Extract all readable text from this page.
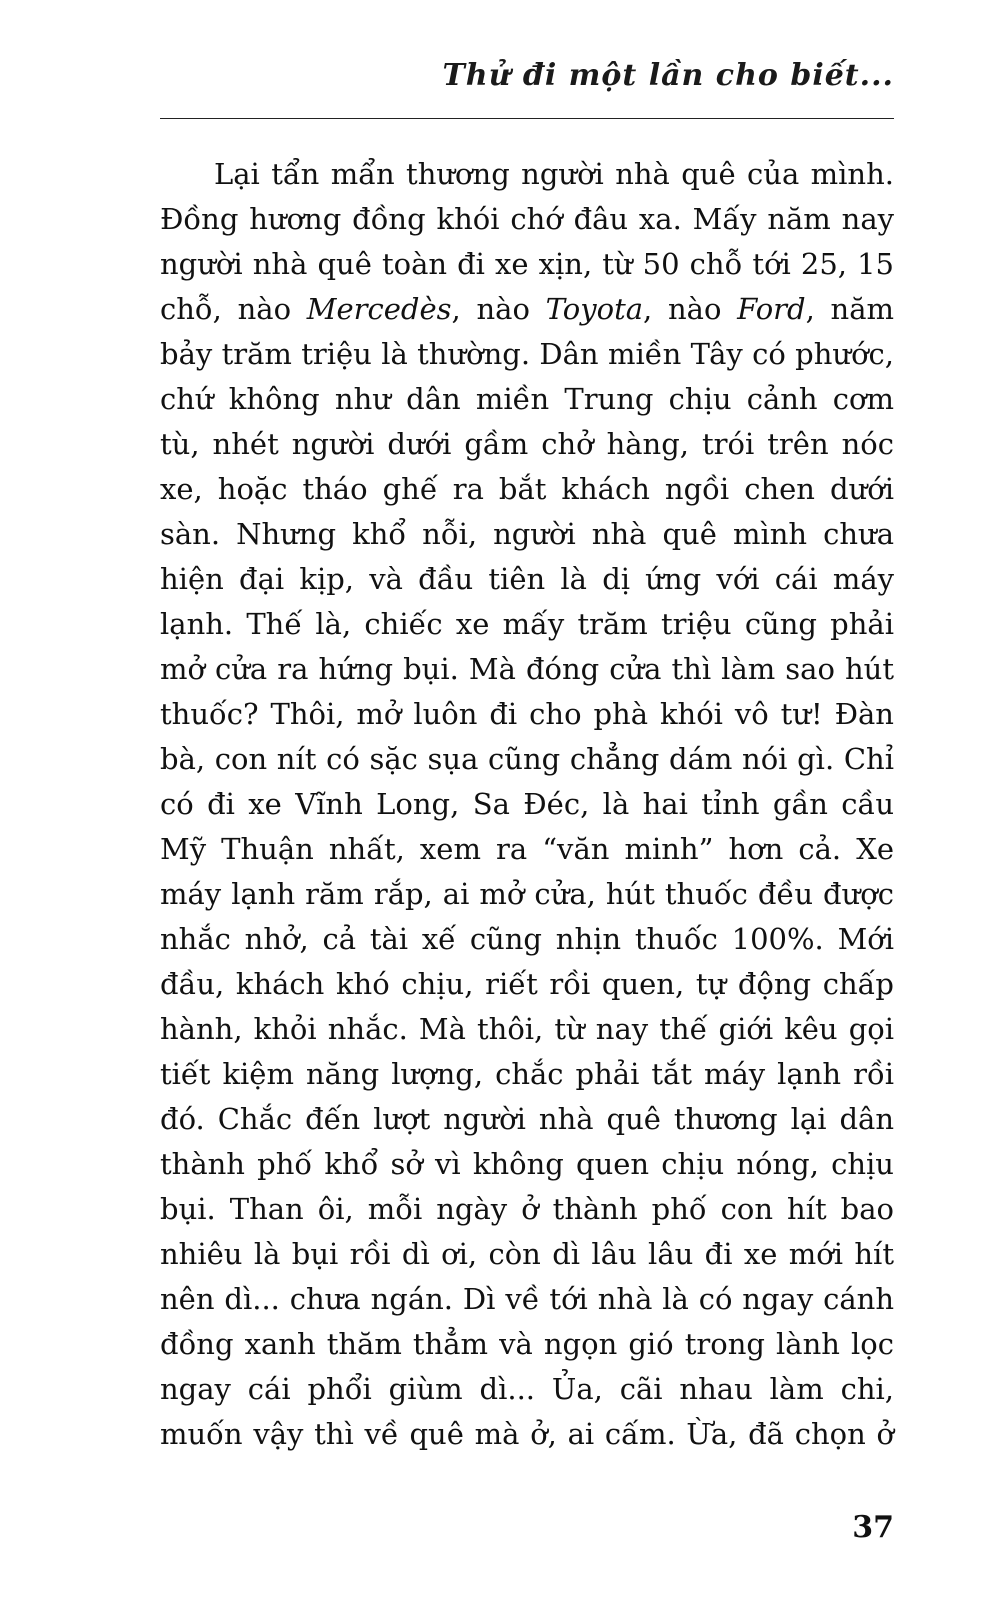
Thử đi một lần cho biết...
Lại tẩn mẩn thương người nhà quê của mình.
Đồng hương đồng khói chớ đâu xa. Mấy năm nay
người nhà quê toàn đi xe xịn, từ 50 chỗ tới 25, 15
chỗ, nào Mercedès, nào Toyota, nào Ford, năm
bảy trăm triệu là thường. Dân miền Tây có phước,
chứ không như dân miền Trung chịu cảnh cơm
tù, nhét người dưới gầm chở hàng, trói trên nóc
xe, hoặc tháo ghế ra bắt khách ngồi chen dưới
sàn. Nhưng khổ nỗi, người nhà quê mình chưa
hiện đại kịp, và đầu tiên là dị ứng với cái máy
lạnh. Thế là, chiếc xe mấy trăm triệu cũng phải
mở cửa ra hứng bụi. Mà đóng cửa thì làm sao hút
thuốc? Thôi, mở luôn đi cho phà khói vô tư! Đàn
bà, con nít có sặc sụa cũng chẳng dám nói gì. Chỉ
có đi xe Vĩnh Long, Sa Đéc, là hai tỉnh gần cầu
Mỹ Thuận nhất, xem ra “văn minh” hơn cả. Xe
máy lạnh răm rắp, ai mở cửa, hút thuốc đều được
nhắc nhở, cả tài xế cũng nhịn thuốc 100%. Mới
đầu, khách khó chịu, riết rồi quen, tự động chấp
hành, khỏi nhắc. Mà thôi, từ nay thế giới kêu gọi
tiết kiệm năng lượng, chắc phải tắt máy lạnh rồi
đó. Chắc đến lượt người nhà quê thương lại dân
thành phố khổ sở vì không quen chịu nóng, chịu
bụi. Than ôi, mỗi ngày ở thành phố con hít bao
nhiêu là bụi rồi dì ơi, còn dì lâu lâu đi xe mới hít
nên dì... chưa ngán. Dì về tới nhà là có ngay cánh
đồng xanh thăm thẳm và ngọn gió trong lành lọc
ngay cái phổi giùm dì... Ủa, cãi nhau làm chi,
muốn vậy thì về quê mà ở, ai cấm. Ừa, đã chọn ở
37
